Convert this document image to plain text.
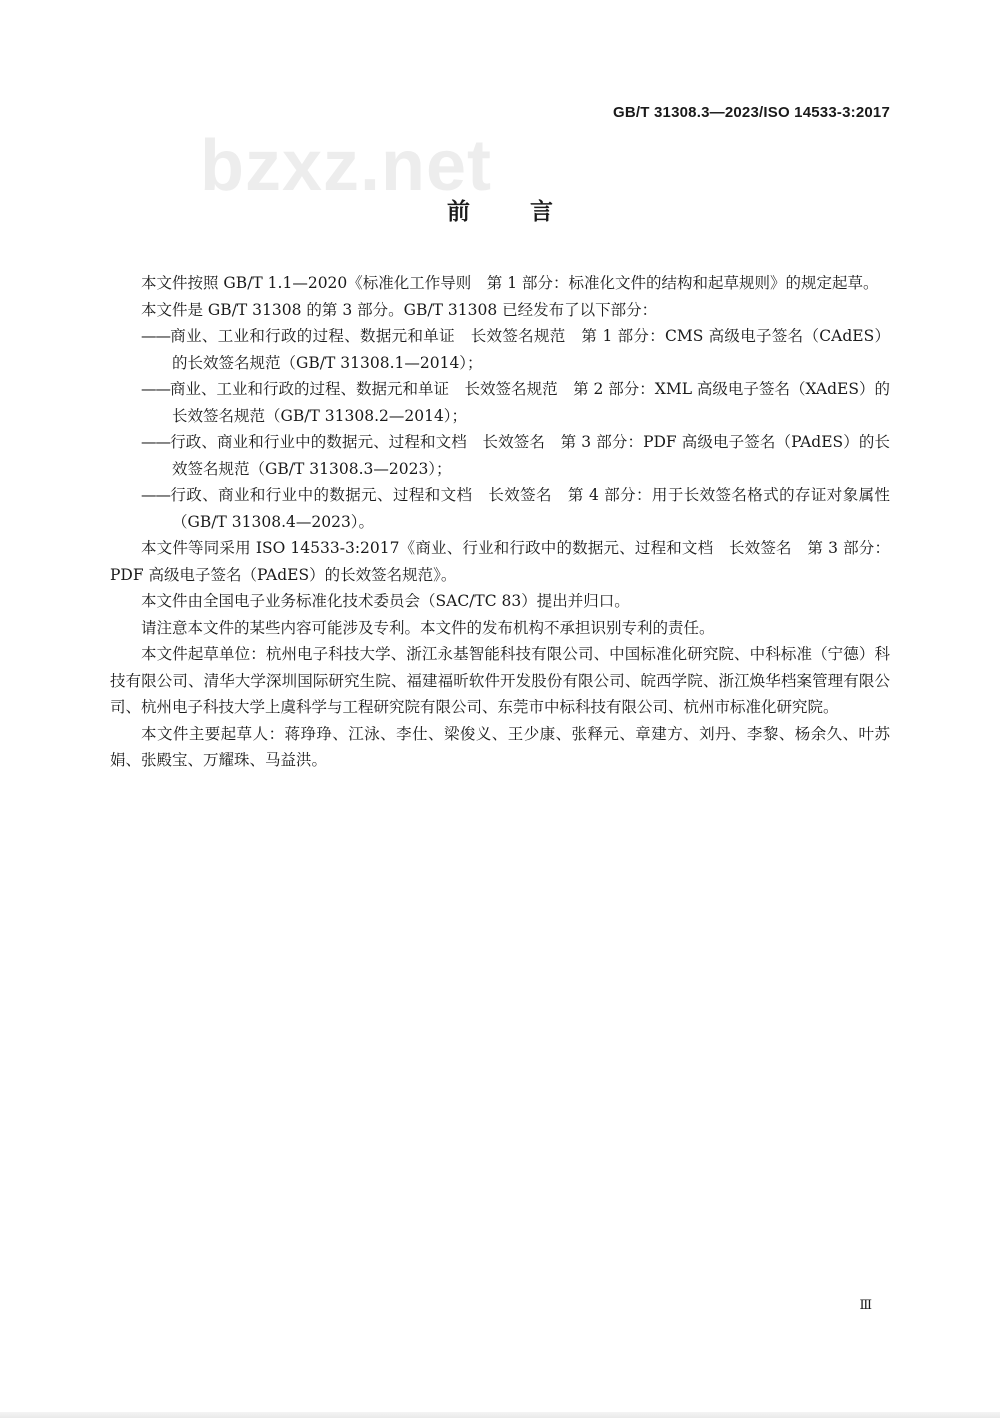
bzxz.net
GB/T 31308.3—2023/ISO 14533-3:2017
前 言

本文件按照 GB/T 1.1—2020《标准化工作导则　第 1 部分：标准化文件的结构和起草规则》的规定起草。

本文件是 GB/T 31308 的第 3 部分。GB/T 31308 已经发布了以下部分：

——商业、工业和行政的过程、数据元和单证　长效签名规范　第 1 部分：CMS 高级电子签名（CAdES）的长效签名规范（GB/T 31308.1—2014）；

——商业、工业和行政的过程、数据元和单证　长效签名规范　第 2 部分：XML 高级电子签名（XAdES）的长效签名规范（GB/T 31308.2—2014）；

——行政、商业和行业中的数据元、过程和文档　长效签名　第 3 部分：PDF 高级电子签名（PAdES）的长效签名规范（GB/T 31308.3—2023）；

——行政、商业和行业中的数据元、过程和文档　长效签名　第 4 部分：用于长效签名格式的存证对象属性（GB/T 31308.4—2023）。

本文件等同采用 ISO 14533-3:2017《商业、行业和行政中的数据元、过程和文档　长效签名　第 3 部分：PDF 高级电子签名（PAdES）的长效签名规范》。

本文件由全国电子业务标准化技术委员会（SAC/TC 83）提出并归口。

请注意本文件的某些内容可能涉及专利。本文件的发布机构不承担识别专利的责任。

本文件起草单位：杭州电子科技大学、浙江永基智能科技有限公司、中国标准化研究院、中科标准（宁德）科技有限公司、清华大学深圳国际研究生院、福建福昕软件开发股份有限公司、皖西学院、浙江焕华档案管理有限公司、杭州电子科技大学上虞科学与工程研究院有限公司、东莞市中标科技有限公司、杭州市标准化研究院。

本文件主要起草人：蒋琤琤、江泳、李仕、梁俊义、王少康、张释元、章建方、刘丹、李黎、杨余久、叶苏娟、张殿宝、万耀珠、马益洪。

Ⅲ
